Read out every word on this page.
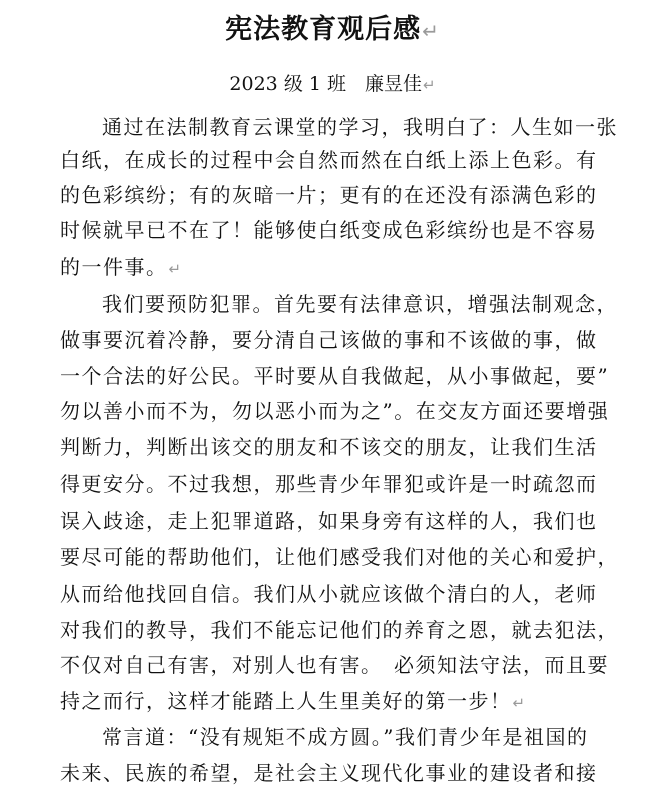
宪法教育观后感↵
2023 级 1 班　廉昱佳↵
通过在法制教育云课堂的学习，我明白了：人生如一张
白纸，在成长的过程中会自然而然在白纸上添上色彩。有
的色彩缤纷；有的灰暗一片；更有的在还没有添满色彩的
时候就早已不在了！能够使白纸变成色彩缤纷也是不容易
的一件事。↵
我们要预防犯罪。首先要有法律意识，增强法制观念，
做事要沉着冷静，要分清自己该做的事和不该做的事，做
一个合法的好公民。平时要从自我做起，从小事做起，要”
勿以善小而不为，勿以恶小而为之”。在交友方面还要增强
判断力，判断出该交的朋友和不该交的朋友，让我们生活
得更安分。不过我想，那些青少年罪犯或许是一时疏忽而
误入歧途，走上犯罪道路，如果身旁有这样的人，我们也
要尽可能的帮助他们，让他们感受我们对他的关心和爱护，
从而给他找回自信。我们从小就应该做个清白的人，老师
对我们的教导，我们不能忘记他们的养育之恩，就去犯法，
不仅对自己有害，对别人也有害。　必须知法守法，而且要
持之而行，这样才能踏上人生里美好的第一步！↵
常言道：“没有规矩不成方圆。”我们青少年是祖国的
未来、民族的希望，是社会主义现代化事业的建设者和接
